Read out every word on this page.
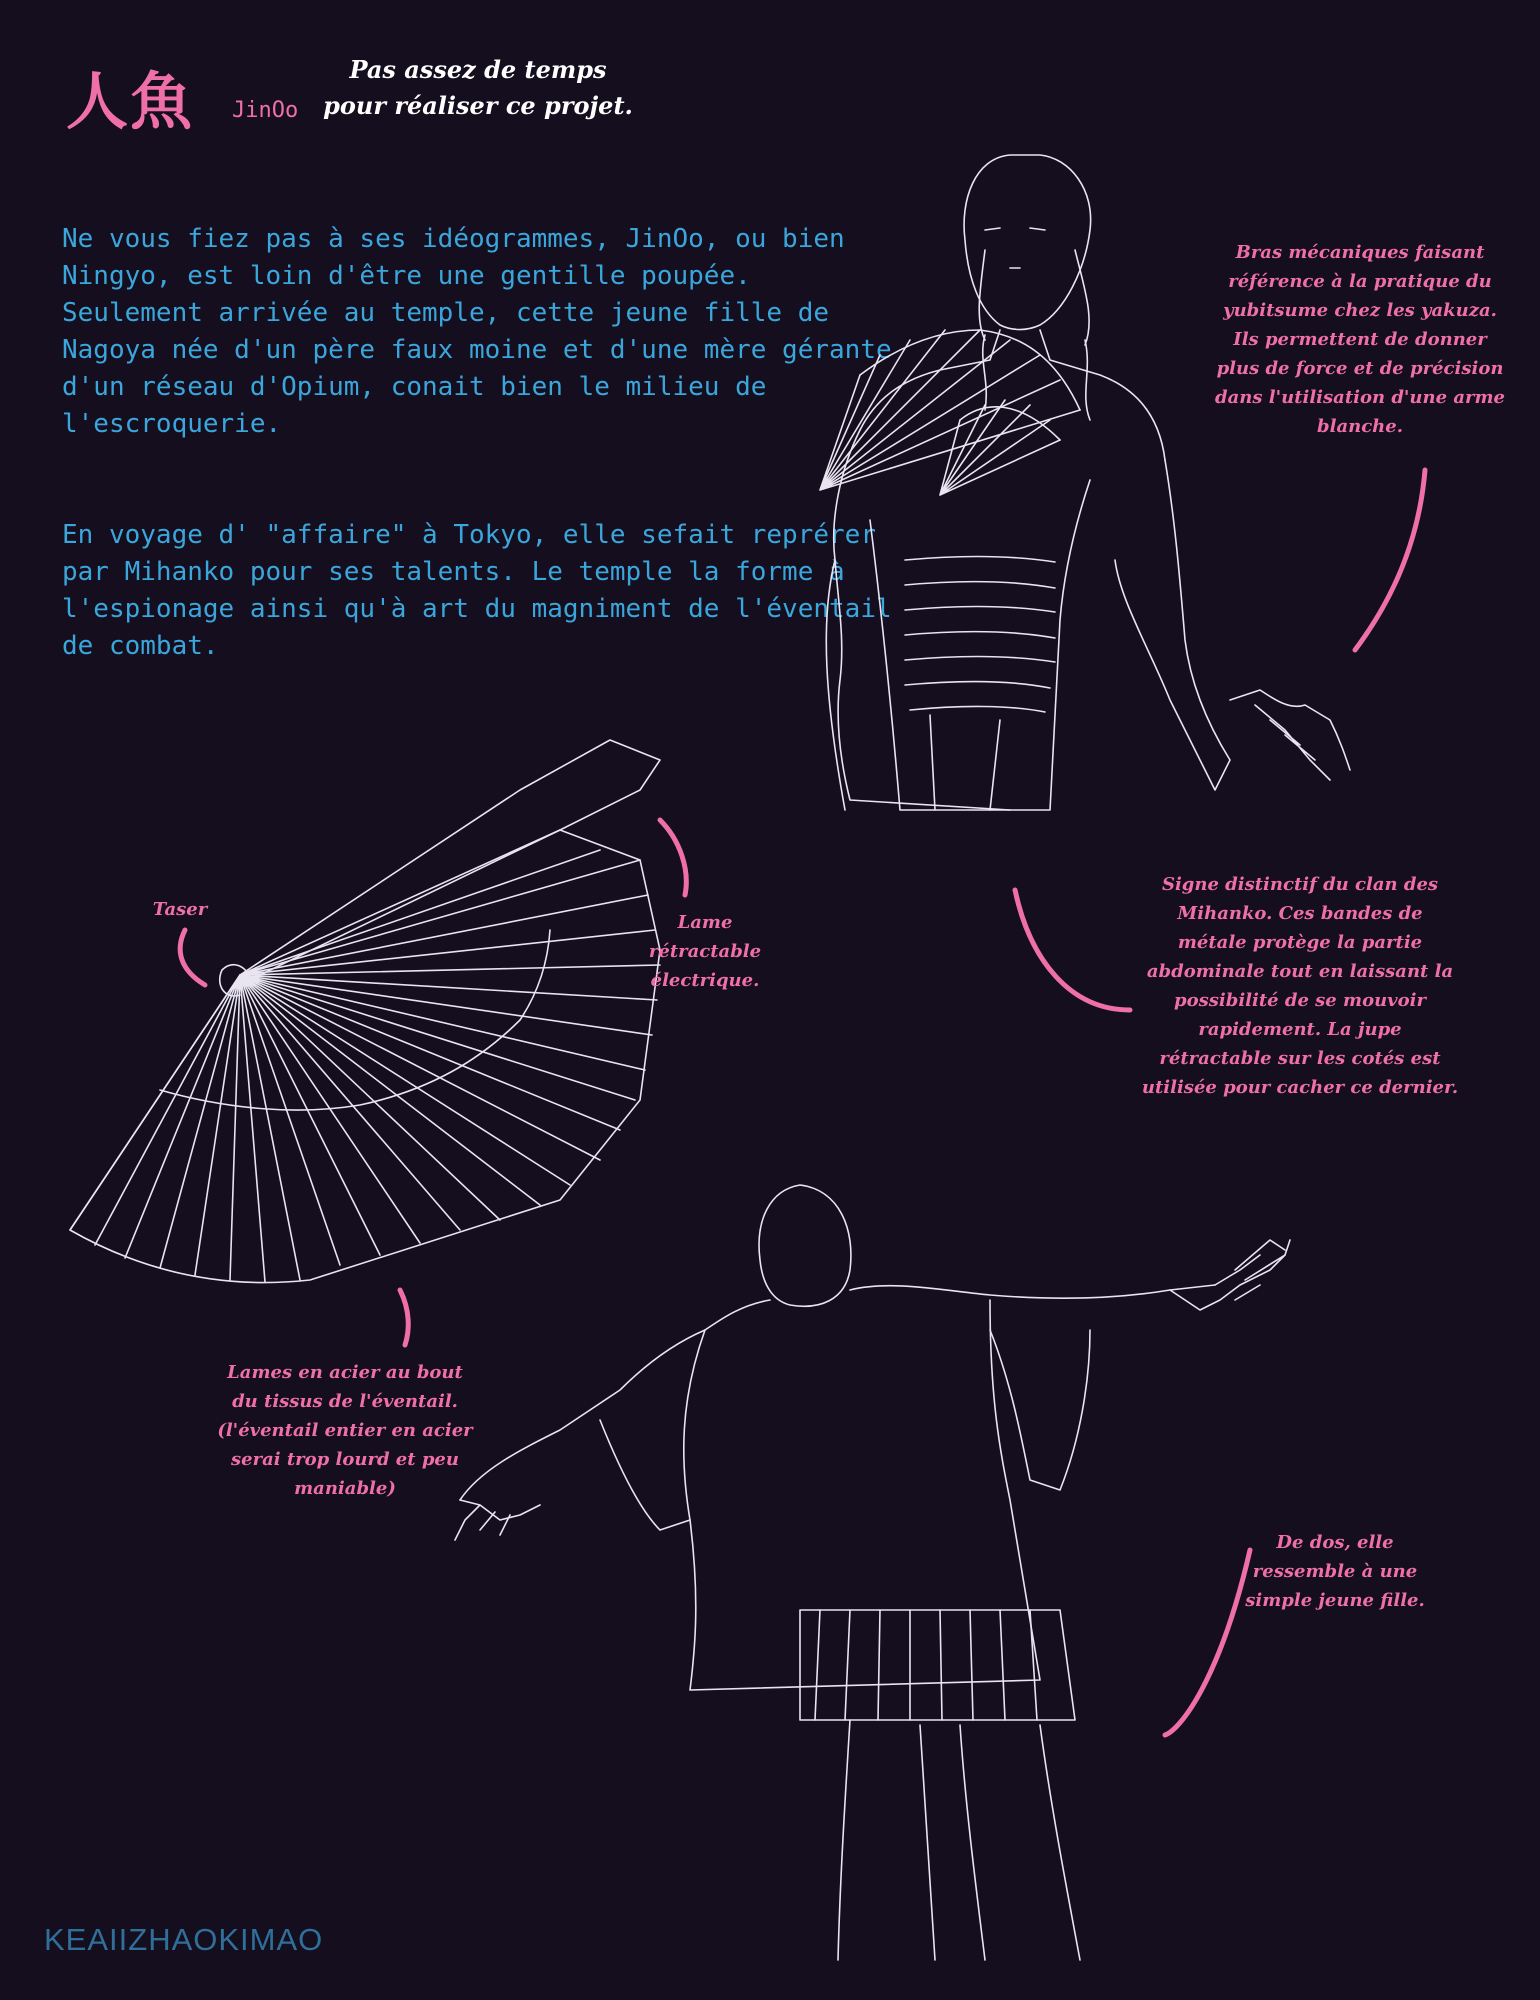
人魚 JinOo
Pas assez de temps pour réaliser ce projet.

Ne vous fiez pas à ses idéogrammes, JinOo, ou bien Ningyo, est loin d'être une gentille poupée. Seulement arrivée au temple, cette jeune fille de Nagoya née d'un père faux moine et d'une mère gérante d'un réseau d'Opium, conait bien le milieu de l'escroquerie.

En voyage d' "affaire" à Tokyo, elle sefait reprérer par Mihanko pour ses talents. Le temple la forme à l'espionage ainsi qu'à art du magniment de l'éventail de combat.

Bras mécaniques faisant référence à la pratique du yubitsume chez les yakuza. Ils permettent de donner plus de force et de précision dans l'utilisation d'une arme blanche.
Taser
Lame rétractable électrique.
Signe distinctif du clan des Mihanko. Ces bandes de métale protège la partie abdominale tout en laissant la possibilité de se mouvoir rapidement. La jupe rétractable sur les cotés est utilisée pour cacher ce dernier.
Lames en acier au bout du tissus de l'éventail. (l'éventail entier en acier serai trop lourd et peu maniable)
De dos, elle ressemble à une simple jeune fille.
KEAIIZHAOKIMAO
